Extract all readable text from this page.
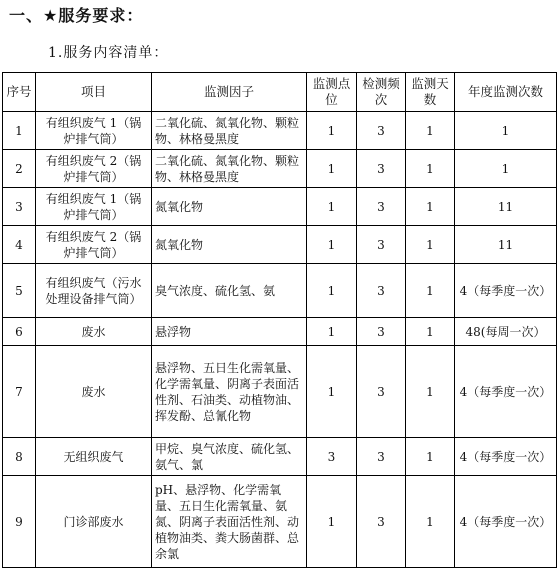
一、★服务要求：
1.服务内容清单：
序号	项目	监测因子	监测点位	检测频次	监测天数	年度监测次数
1	有组织废气 1（锅炉排气筒）	二氧化硫、氮氧化物、颗粒物、林格曼黑度	1	3	1	1
2	有组织废气 2（锅炉排气筒）	二氧化硫、氮氧化物、颗粒物、林格曼黑度	1	3	1	1
3	有组织废气 1（锅炉排气筒）	氮氧化物	1	3	1	11
4	有组织废气 2（锅炉排气筒）	氮氧化物	1	3	1	11
5	有组织废气（污水处理设备排气筒）	臭气浓度、硫化氢、氨	1	3	1	4（每季度一次）
6	废水	悬浮物	1	3	1	48(每周一次）
7	废水	悬浮物、五日生化需氧量、化学需氧量、阴离子表面活性剂、石油类、动植物油、挥发酚、总氰化物	1	3	1	4（每季度一次）
8	无组织废气	甲烷、臭气浓度、硫化氢、氨气、氯	3	3	1	4（每季度一次）
9	门诊部废水	pH、悬浮物、化学需氧量、五日生化需氧量、氨氮、阴离子表面活性剂、动植物油类、粪大肠菌群、总余氯	1	3	1	4（每季度一次）
